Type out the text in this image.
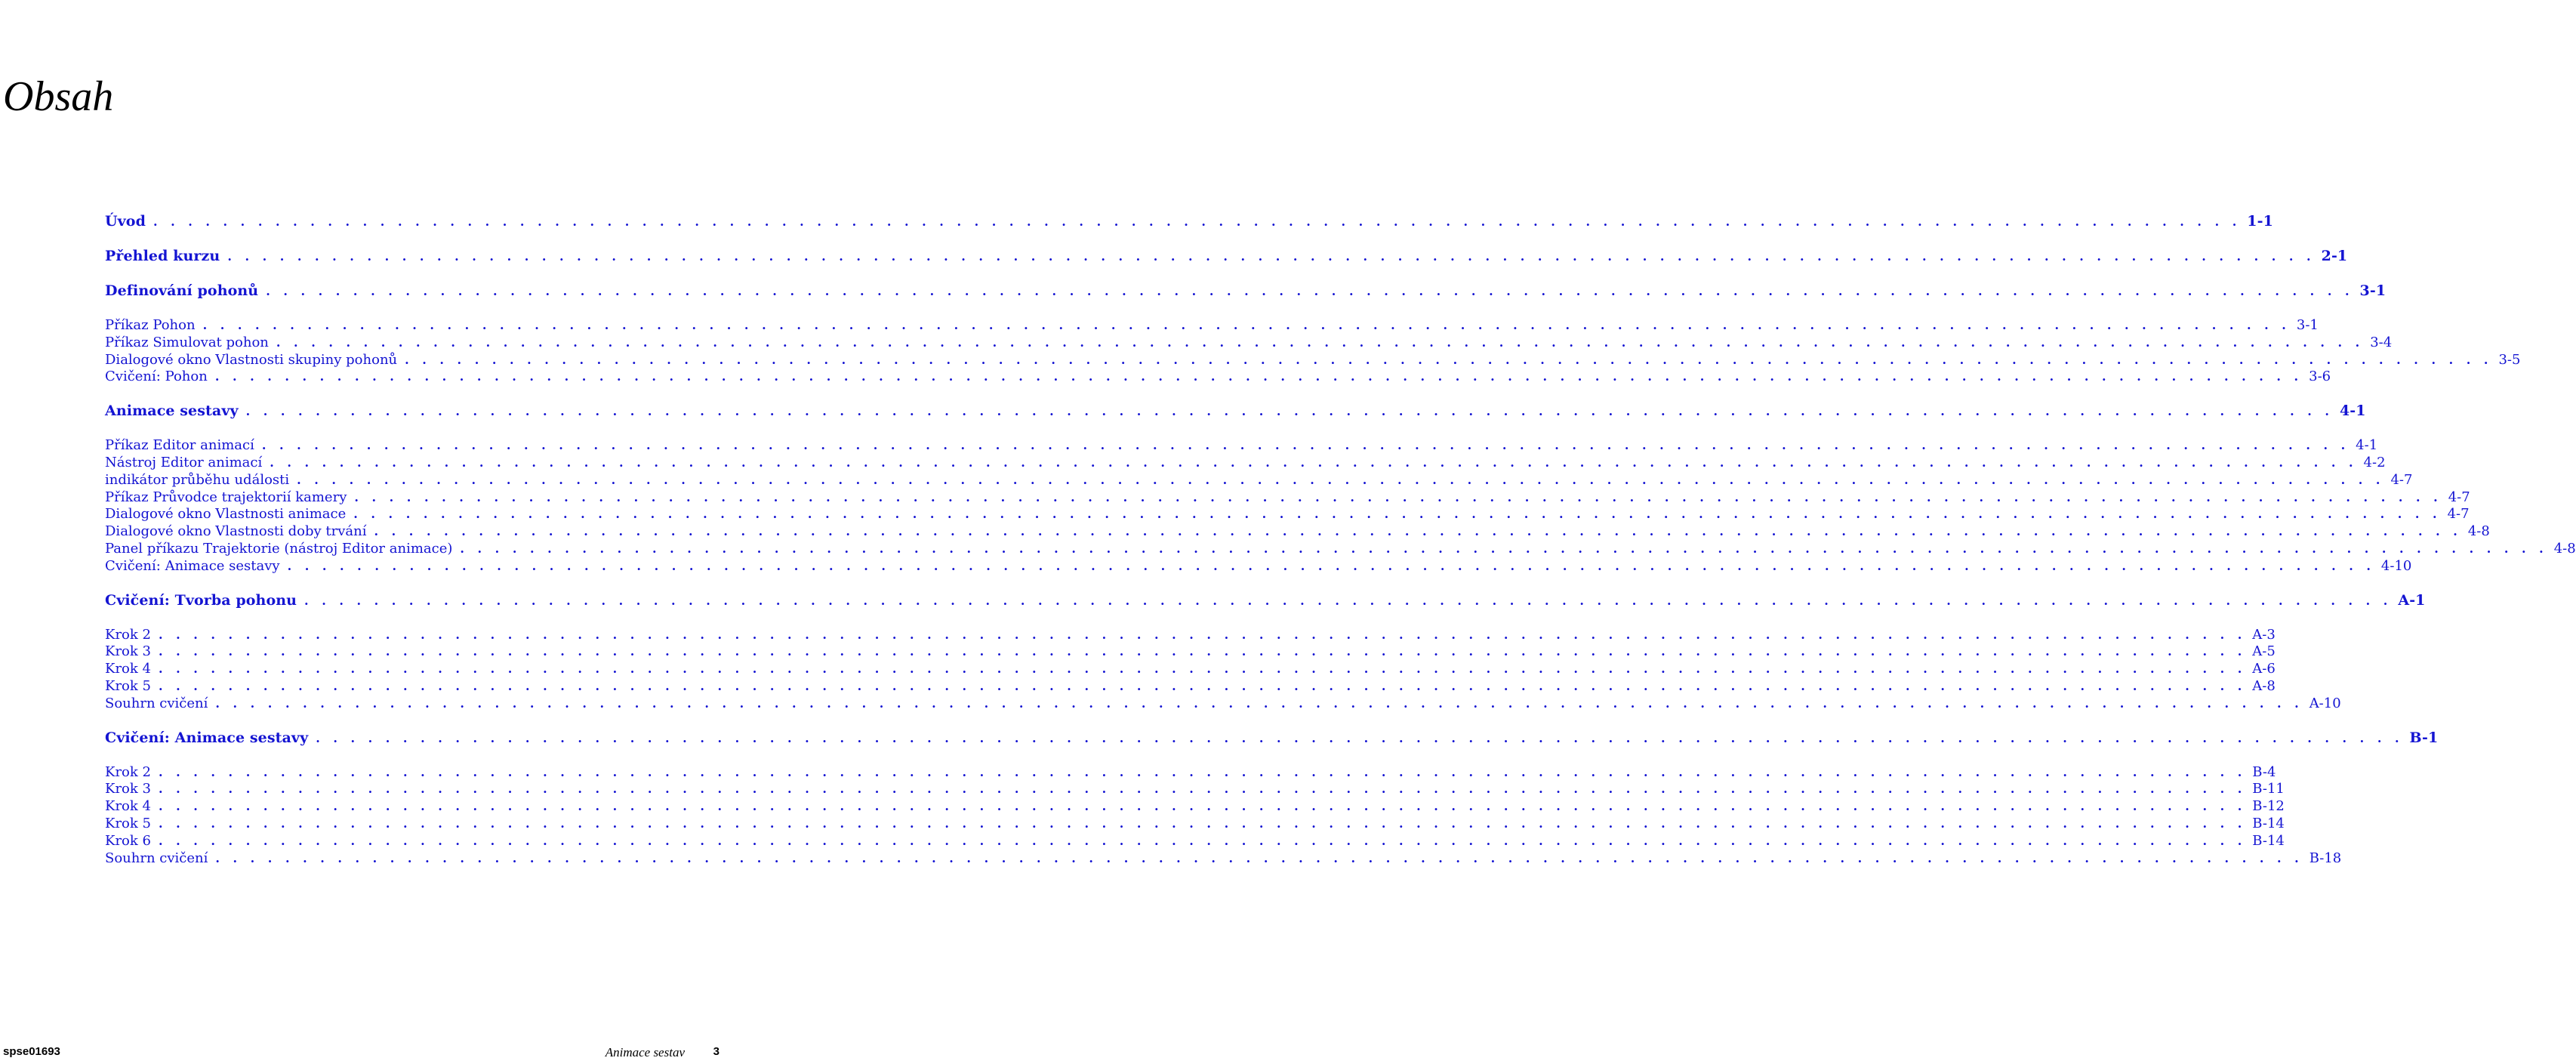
Obsah
Úvod . . . . . . . . . . . . . . . . . . . . . . . . . . . . . . . . . . . . . . . . . . . . . . . . . . . . . . . . . . . . . . . . . . . . . . . . . . . . . . . . . . . . . . . . . . . . . . . . . . . . . . . . . . . . . . . . . . . . . . . . 1-1
Přehled kurzu . . . . . . . . . . . . . . . . . . . . . . . . . . . . . . . . . . . . . . . . . . . . . . . . . . . . . . . . . . . . . . . . . . . . . . . . . . . . . . . . . . . . . . . . . . . . . . . . . . . . . . . . . . . . . . . . . . . . . . . . 2-1
Definování pohonů . . . . . . . . . . . . . . . . . . . . . . . . . . . . . . . . . . . . . . . . . . . . . . . . . . . . . . . . . . . . . . . . . . . . . . . . . . . . . . . . . . . . . . . . . . . . . . . . . . . . . . . . . . . . . . . . . . . . . . . . 3-1
Příkaz Pohon . . . . . . . . . . . . . . . . . . . . . . . . . . . . . . . . . . . . . . . . . . . . . . . . . . . . . . . . . . . . . . . . . . . . . . . . . . . . . . . . . . . . . . . . . . . . . . . . . . . . . . . . . . . . . . . . . . . . . . . . 3-1
Příkaz Simulovat pohon . . . . . . . . . . . . . . . . . . . . . . . . . . . . . . . . . . . . . . . . . . . . . . . . . . . . . . . . . . . . . . . . . . . . . . . . . . . . . . . . . . . . . . . . . . . . . . . . . . . . . . . . . . . . . . . . . . . . . . . . 3-4
Dialogové okno Vlastnosti skupiny pohonů . . . . . . . . . . . . . . . . . . . . . . . . . . . . . . . . . . . . . . . . . . . . . . . . . . . . . . . . . . . . . . . . . . . . . . . . . . . . . . . . . . . . . . . . . . . . . . . . . . . . . . . . . . . . . . . . . . . . . . . . 3-5
Cvičení: Pohon . . . . . . . . . . . . . . . . . . . . . . . . . . . . . . . . . . . . . . . . . . . . . . . . . . . . . . . . . . . . . . . . . . . . . . . . . . . . . . . . . . . . . . . . . . . . . . . . . . . . . . . . . . . . . . . . . . . . . . . . 3-6
Animace sestavy . . . . . . . . . . . . . . . . . . . . . . . . . . . . . . . . . . . . . . . . . . . . . . . . . . . . . . . . . . . . . . . . . . . . . . . . . . . . . . . . . . . . . . . . . . . . . . . . . . . . . . . . . . . . . . . . . . . . . . . . 4-1
Příkaz Editor animací . . . . . . . . . . . . . . . . . . . . . . . . . . . . . . . . . . . . . . . . . . . . . . . . . . . . . . . . . . . . . . . . . . . . . . . . . . . . . . . . . . . . . . . . . . . . . . . . . . . . . . . . . . . . . . . . . . . . . . . . 4-1
Nástroj Editor animací . . . . . . . . . . . . . . . . . . . . . . . . . . . . . . . . . . . . . . . . . . . . . . . . . . . . . . . . . . . . . . . . . . . . . . . . . . . . . . . . . . . . . . . . . . . . . . . . . . . . . . . . . . . . . . . . . . . . . . . . 4-2
indikátor průběhu události . . . . . . . . . . . . . . . . . . . . . . . . . . . . . . . . . . . . . . . . . . . . . . . . . . . . . . . . . . . . . . . . . . . . . . . . . . . . . . . . . . . . . . . . . . . . . . . . . . . . . . . . . . . . . . . . . . . . . . . . 4-7
Příkaz Průvodce trajektorií kamery . . . . . . . . . . . . . . . . . . . . . . . . . . . . . . . . . . . . . . . . . . . . . . . . . . . . . . . . . . . . . . . . . . . . . . . . . . . . . . . . . . . . . . . . . . . . . . . . . . . . . . . . . . . . . . . . . . . . . . . . 4-7
Dialogové okno Vlastnosti animace . . . . . . . . . . . . . . . . . . . . . . . . . . . . . . . . . . . . . . . . . . . . . . . . . . . . . . . . . . . . . . . . . . . . . . . . . . . . . . . . . . . . . . . . . . . . . . . . . . . . . . . . . . . . . . . . . . . . . . . . 4-7
Dialogové okno Vlastnosti doby trvání . . . . . . . . . . . . . . . . . . . . . . . . . . . . . . . . . . . . . . . . . . . . . . . . . . . . . . . . . . . . . . . . . . . . . . . . . . . . . . . . . . . . . . . . . . . . . . . . . . . . . . . . . . . . . . . . . . . . . . . . 4-8
Panel příkazu Trajektorie (nástroj Editor animace) . . . . . . . . . . . . . . . . . . . . . . . . . . . . . . . . . . . . . . . . . . . . . . . . . . . . . . . . . . . . . . . . . . . . . . . . . . . . . . . . . . . . . . . . . . . . . . . . . . . . . . . . . . . . . . . . . . . . . . . . 4-8
Cvičení: Animace sestavy . . . . . . . . . . . . . . . . . . . . . . . . . . . . . . . . . . . . . . . . . . . . . . . . . . . . . . . . . . . . . . . . . . . . . . . . . . . . . . . . . . . . . . . . . . . . . . . . . . . . . . . . . . . . . . . . . . . . . . . . 4-10
Cvičení: Tvorba pohonu . . . . . . . . . . . . . . . . . . . . . . . . . . . . . . . . . . . . . . . . . . . . . . . . . . . . . . . . . . . . . . . . . . . . . . . . . . . . . . . . . . . . . . . . . . . . . . . . . . . . . . . . . . . . . . . . . . . . . . . . A-1
Krok 2 . . . . . . . . . . . . . . . . . . . . . . . . . . . . . . . . . . . . . . . . . . . . . . . . . . . . . . . . . . . . . . . . . . . . . . . . . . . . . . . . . . . . . . . . . . . . . . . . . . . . . . . . . . . . . . . . . . . . . . . . A-3
Krok 3 . . . . . . . . . . . . . . . . . . . . . . . . . . . . . . . . . . . . . . . . . . . . . . . . . . . . . . . . . . . . . . . . . . . . . . . . . . . . . . . . . . . . . . . . . . . . . . . . . . . . . . . . . . . . . . . . . . . . . . . . A-5
Krok 4 . . . . . . . . . . . . . . . . . . . . . . . . . . . . . . . . . . . . . . . . . . . . . . . . . . . . . . . . . . . . . . . . . . . . . . . . . . . . . . . . . . . . . . . . . . . . . . . . . . . . . . . . . . . . . . . . . . . . . . . . A-6
Krok 5 . . . . . . . . . . . . . . . . . . . . . . . . . . . . . . . . . . . . . . . . . . . . . . . . . . . . . . . . . . . . . . . . . . . . . . . . . . . . . . . . . . . . . . . . . . . . . . . . . . . . . . . . . . . . . . . . . . . . . . . . A-8
Souhrn cvičení . . . . . . . . . . . . . . . . . . . . . . . . . . . . . . . . . . . . . . . . . . . . . . . . . . . . . . . . . . . . . . . . . . . . . . . . . . . . . . . . . . . . . . . . . . . . . . . . . . . . . . . . . . . . . . . . . . . . . . . . A-10
Cvičení: Animace sestavy . . . . . . . . . . . . . . . . . . . . . . . . . . . . . . . . . . . . . . . . . . . . . . . . . . . . . . . . . . . . . . . . . . . . . . . . . . . . . . . . . . . . . . . . . . . . . . . . . . . . . . . . . . . . . . . . . . . . . . . . B-1
Krok 2 . . . . . . . . . . . . . . . . . . . . . . . . . . . . . . . . . . . . . . . . . . . . . . . . . . . . . . . . . . . . . . . . . . . . . . . . . . . . . . . . . . . . . . . . . . . . . . . . . . . . . . . . . . . . . . . . . . . . . . . . B-4
Krok 3 . . . . . . . . . . . . . . . . . . . . . . . . . . . . . . . . . . . . . . . . . . . . . . . . . . . . . . . . . . . . . . . . . . . . . . . . . . . . . . . . . . . . . . . . . . . . . . . . . . . . . . . . . . . . . . . . . . . . . . . . B-11
Krok 4 . . . . . . . . . . . . . . . . . . . . . . . . . . . . . . . . . . . . . . . . . . . . . . . . . . . . . . . . . . . . . . . . . . . . . . . . . . . . . . . . . . . . . . . . . . . . . . . . . . . . . . . . . . . . . . . . . . . . . . . . B-12
Krok 5 . . . . . . . . . . . . . . . . . . . . . . . . . . . . . . . . . . . . . . . . . . . . . . . . . . . . . . . . . . . . . . . . . . . . . . . . . . . . . . . . . . . . . . . . . . . . . . . . . . . . . . . . . . . . . . . . . . . . . . . . B-14
Krok 6 . . . . . . . . . . . . . . . . . . . . . . . . . . . . . . . . . . . . . . . . . . . . . . . . . . . . . . . . . . . . . . . . . . . . . . . . . . . . . . . . . . . . . . . . . . . . . . . . . . . . . . . . . . . . . . . . . . . . . . . . B-14
Souhrn cvičení . . . . . . . . . . . . . . . . . . . . . . . . . . . . . . . . . . . . . . . . . . . . . . . . . . . . . . . . . . . . . . . . . . . . . . . . . . . . . . . . . . . . . . . . . . . . . . . . . . . . . . . . . . . . . . . . . . . . . . . . B-18
spse01693	Animace sestav	3
